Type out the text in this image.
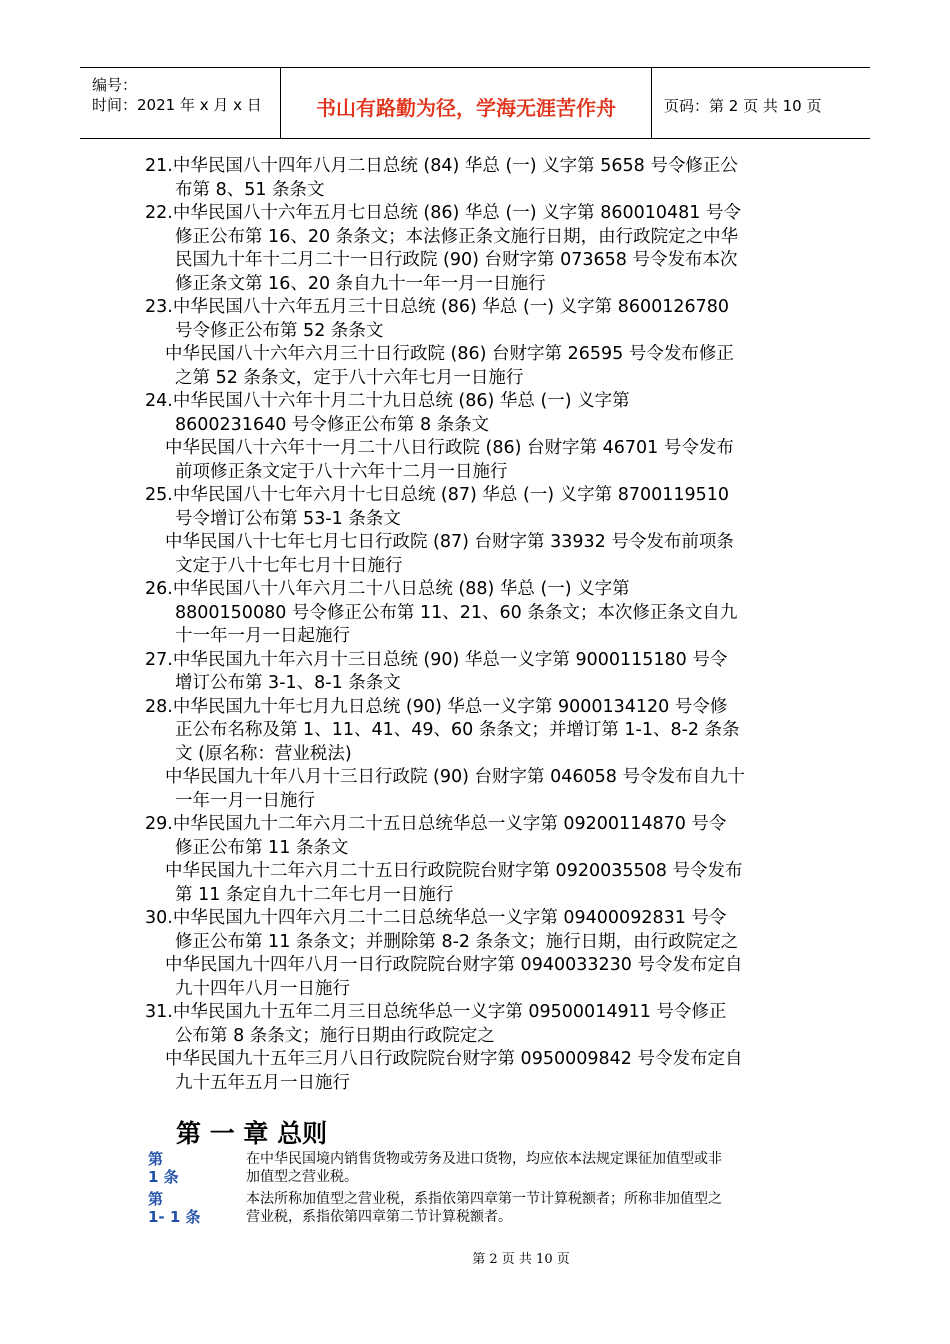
编号：
时间：2021 年 x 月 x 日	书山有路勤为径，学海无涯苦作舟	页码：第 2 页 共 10 页
21.中华民国八十四年八月二日总统 (84) 华总 (一) 义字第 5658 号令修正公
布第 8、51 条条文
22.中华民国八十六年五月七日总统 (86) 华总 (一) 义字第 860010481 号令
修正公布第 16、20 条条文；本法修正条文施行日期，由行政院定之中华
民国九十年十二月二十一日行政院 (90) 台财字第 073658 号令发布本次
修正条文第 16、20 条自九十一年一月一日施行
23.中华民国八十六年五月三十日总统 (86) 华总 (一) 义字第 8600126780
号令修正公布第 52 条条文
中华民国八十六年六月三十日行政院 (86) 台财字第 26595 号令发布修正
之第 52 条条文，定于八十六年七月一日施行
24.中华民国八十六年十月二十九日总统 (86) 华总 (一) 义字第
8600231640 号令修正公布第 8 条条文
中华民国八十六年十一月二十八日行政院 (86) 台财字第 46701 号令发布
前项修正条文定于八十六年十二月一日施行
25.中华民国八十七年六月十七日总统 (87) 华总 (一) 义字第 8700119510
号令增订公布第 53-1 条条文
中华民国八十七年七月七日行政院 (87) 台财字第 33932 号令发布前项条
文定于八十七年七月十日施行
26.中华民国八十八年六月二十八日总统 (88) 华总 (一) 义字第
8800150080 号令修正公布第 11、21、60 条条文；本次修正条文自九
十一年一月一日起施行
27.中华民国九十年六月十三日总统 (90) 华总一义字第 9000115180 号令
增订公布第 3-1、8-1 条条文
28.中华民国九十年七月九日总统 (90) 华总一义字第 9000134120 号令修
正公布名称及第 1、11、41、49、60 条条文；并增订第 1-1、8-2 条条
文 (原名称：营业税法)
中华民国九十年八月十三日行政院 (90) 台财字第 046058 号令发布自九十
一年一月一日施行
29.中华民国九十二年六月二十五日总统华总一义字第 09200114870 号令
修正公布第 11 条条文
中华民国九十二年六月二十五日行政院院台财字第 0920035508 号令发布
第 11 条定自九十二年七月一日施行
30.中华民国九十四年六月二十二日总统华总一义字第 09400092831 号令
修正公布第 11 条条文；并删除第 8-2 条条文；施行日期，由行政院定之
中华民国九十四年八月一日行政院院台财字第 0940033230 号令发布定自
九十四年八月一日施行
31.中华民国九十五年二月三日总统华总一义字第 09500014911 号令修正
公布第 8 条条文；施行日期由行政院定之
中华民国九十五年三月八日行政院院台财字第 0950009842 号令发布定自
九十五年五月一日施行
第 一 章 总则
第
1 条
在中华民国境内销售货物或劳务及进口货物，均应依本法规定课征加值型或非
加值型之营业税。
第
1- 1 条
本法所称加值型之营业税，系指依第四章第一节计算税额者；所称非加值型之
营业税，系指依第四章第二节计算税额者。
第 2 页 共 10 页
